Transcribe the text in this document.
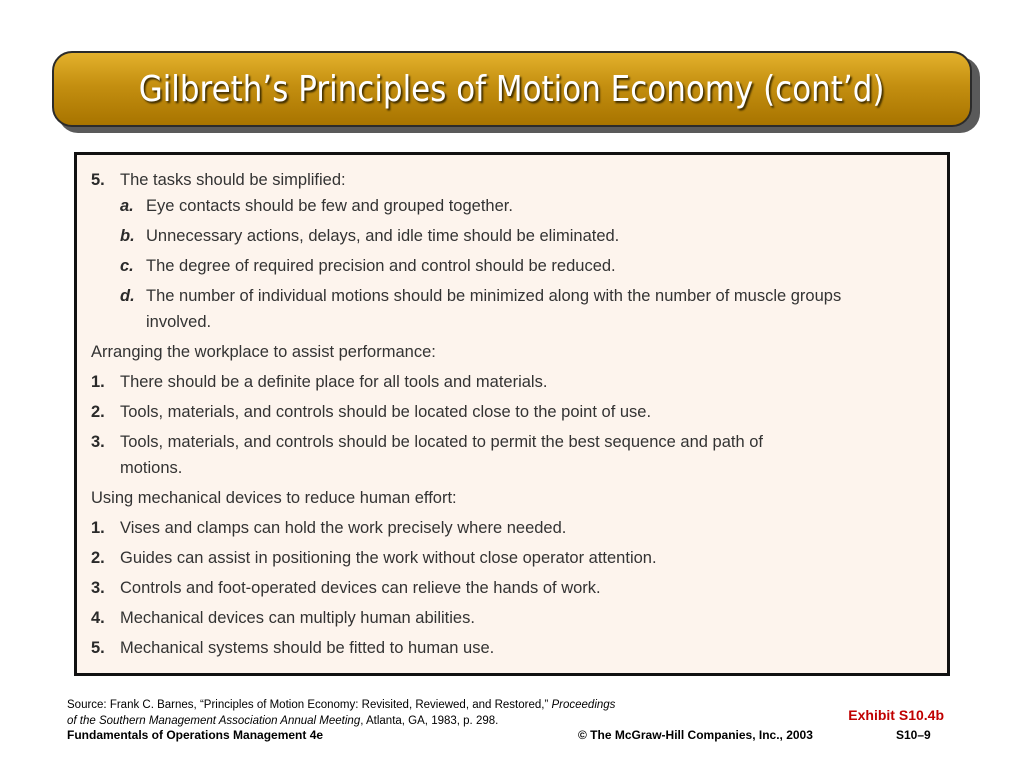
Gilbreth’s Principles of Motion Economy (cont’d)
5. The tasks should be simplified:
a. Eye contacts should be few and grouped together.
b. Unnecessary actions, delays, and idle time should be eliminated.
c. The degree of required precision and control should be reduced.
d. The number of individual motions should be minimized along with the number of muscle groups
involved.
Arranging the workplace to assist performance:
1. There should be a definite place for all tools and materials.
2. Tools, materials, and controls should be located close to the point of use.
3. Tools, materials, and controls should be located to permit the best sequence and path of
motions.
Using mechanical devices to reduce human effort:
1. Vises and clamps can hold the work precisely where needed.
2. Guides can assist in positioning the work without close operator attention.
3. Controls and foot-operated devices can relieve the hands of work.
4. Mechanical devices can multiply human abilities.
5. Mechanical systems should be fitted to human use.
Source: Frank C. Barnes, “Principles of Motion Economy: Revisited, Reviewed, and Restored,” Proceedings
of the Southern Management Association Annual Meeting, Atlanta, GA, 1983, p. 298.	Exhibit S10.4b
Fundamentals of Operations Management 4e	© The McGraw-Hill Companies, Inc., 2003	S10–9
